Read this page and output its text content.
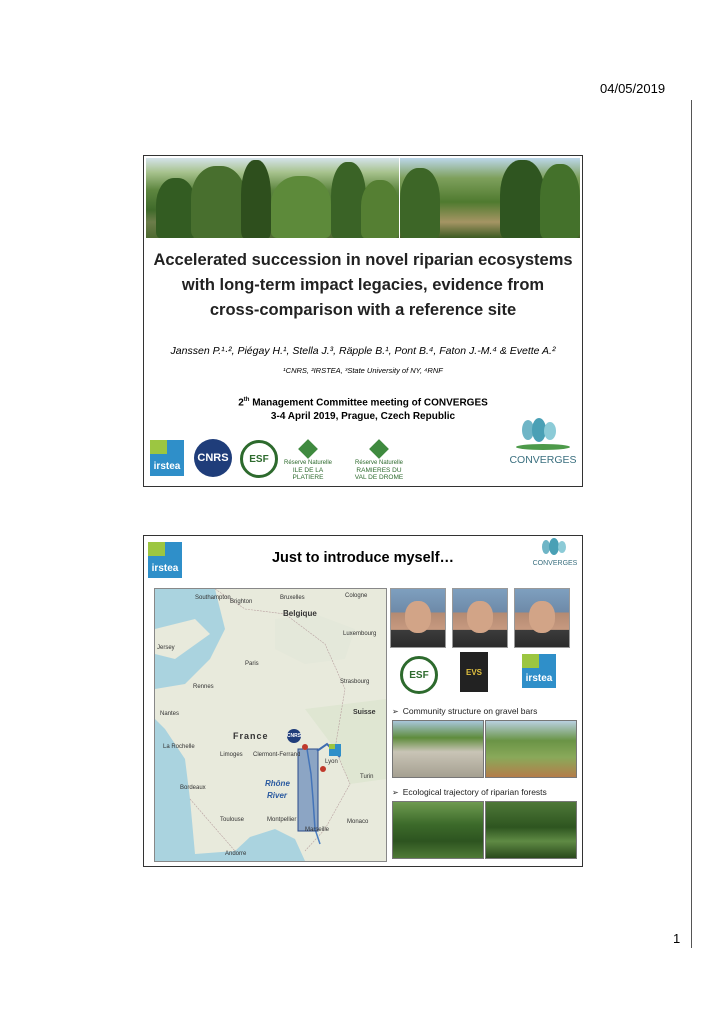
04/05/2019
1
Accelerated succession in novel riparian ecosystems
with long-term impact legacies, evidence from
cross-comparison with a reference site
Janssen P.¹·², Piégay H.¹, Stella J.³, Räpple B.¹, Pont B.⁴, Faton J.-M.⁴ & Evette A.²
¹CNRS, ²IRSTEA, ³State University of NY, ⁴RNF
2th Management Committee meeting of CONVERGES
3-4 April 2019, Prague, Czech Republic
irstea
CNRS	ESF	Réserve Naturelle
ILE DE LA PLATIERE
Réserve Naturelle
RAMIERES DU
VAL DE DROME
CONVERGES
irstea
Just to introduce myself…	CONVERGES
Bruxelles	Cologne
Belgique
Luxembourg
Paris
Strasbourg
Nantes	Suisse
La Rochelle
Limoges Clermont-Ferrand
Lyon
Turin
Bordeaux
Toulouse	Montpellier
Marseille
Monaco
Andorre
Southampton
Brighton
Jersey
Rennes
France
Rhône
River
CNRS
ESF	EVS
irstea
➢ Community structure on gravel bars
➢ Ecological trajectory of riparian forests
